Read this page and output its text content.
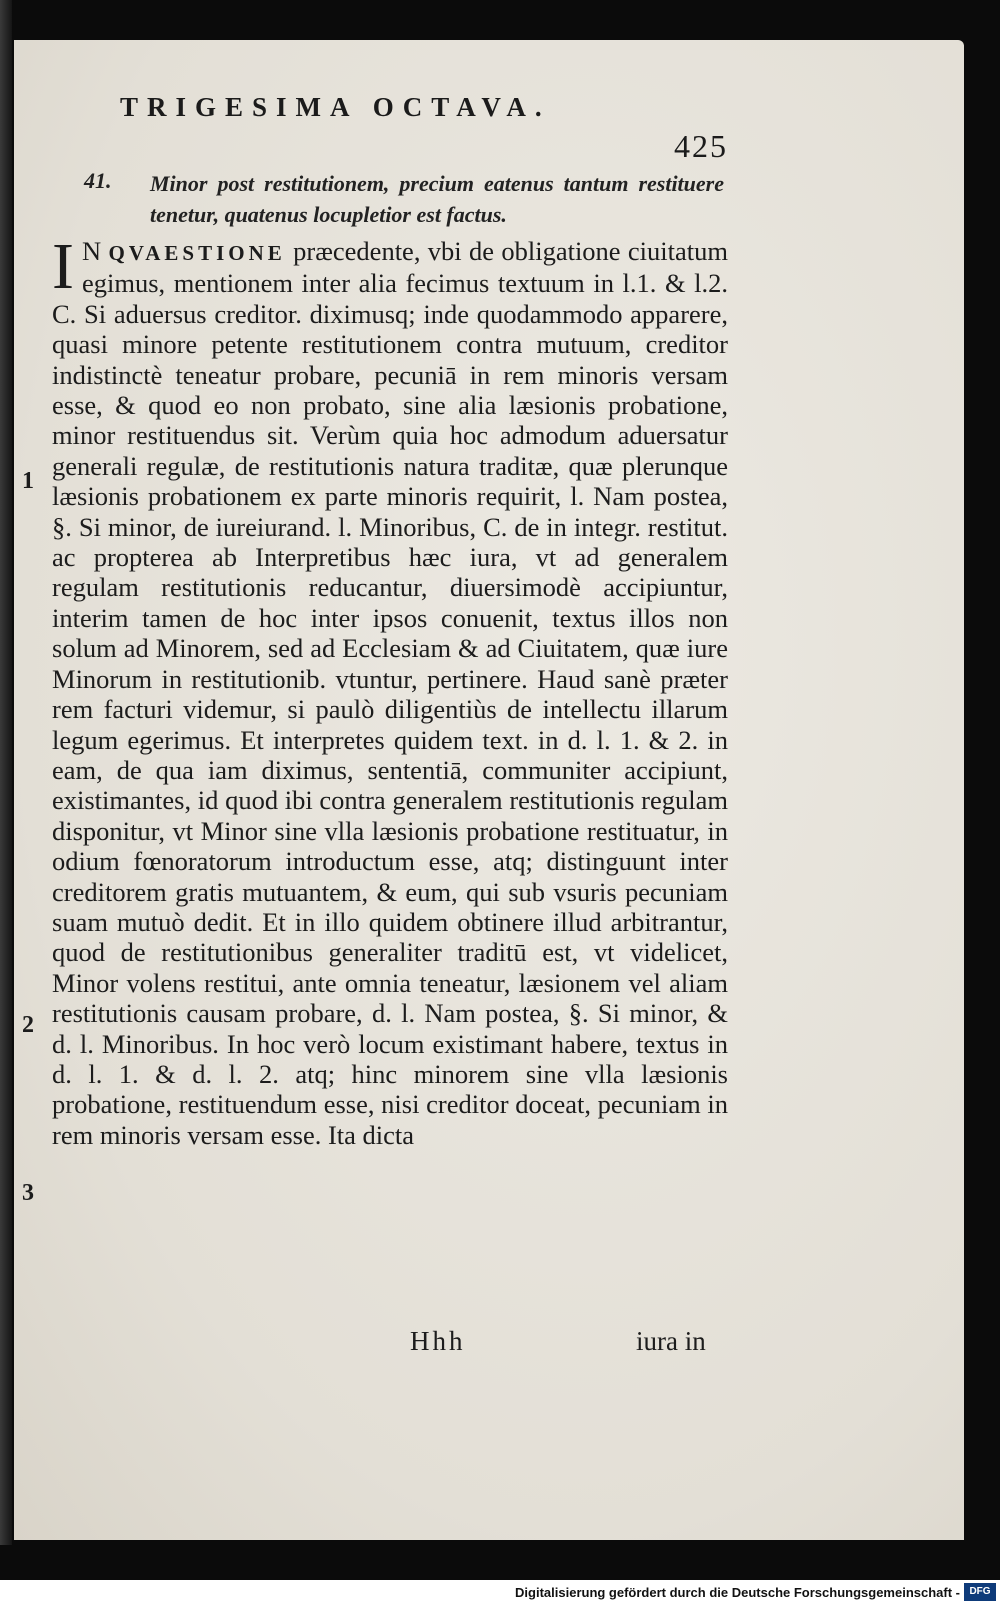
TRIGESIMA OCTAVA.
425
41. Minor post restitutionem, precium eatenus tantum restituere tenetur, quatenus locupletior est factus.
I N QVAESTIONE præcedente, vbi de obligatione ciuitatum egimus, mentionem inter alia fecimus textuum in l.1. & l.2. C. Si aduersus creditor. diximusq; inde quodammodo apparere, quasi minore petente restitutionem contra mutuum, creditor indistinctè teneatur probare, pecuniā in rem minoris versam esse, & quod eo non probato, sine alia læsionis probatione, minor restituendus sit. Verùm quia hoc admodum aduersatur generali regulæ, de restitutionis natura traditæ, quæ plerunque læsionis probationem ex parte minoris requirit, l. Nam postea, §. Si minor, de iureiurand. l. Minoribus, C. de in integr. restitut. ac propterea ab Interpretibus hæc iura, vt ad generalem regulam restitutionis reducantur, diuersimodè accipiuntur, interim tamen de hoc inter ipsos conuenit, textus illos non solum ad Minorem, sed ad Ecclesiam & ad Ciuitatem, quæ iure Minorum in restitutionib. vtuntur, pertinere. Haud sanè præter rem facturi videmur, si paulò diligentiùs de intellectu illarum legum egerimus. Et interpretes quidem text. in d. l. 1. & 2. in eam, de qua iam diximus, sententiā, communiter accipiunt, existimantes, id quod ibi contra generalem restitutionis regulam disponitur, vt Minor sine vlla læsionis probatione restituatur, in odium fœnoratorum introductum esse, atq; distinguunt inter creditorem gratis mutuantem, & eum, qui sub vsuris pecuniam suam mutuò dedit. Et in illo quidem obtinere illud arbitrantur, quod de restitutionibus generaliter traditū est, vt videlicet, Minor volens restitui, ante omnia teneatur, læsionem vel aliam restitutionis causam probare, d. l. Nam postea, §. Si minor, & d. l. Minoribus. In hoc verò locum existimant habere, textus in d. l. 1. & d. l. 2. atq; hinc minorem sine vlla læsionis probatione, restituendum esse, nisi creditor doceat, pecuniam in rem minoris versam esse. Ita dicta
1
2
3
Hhh	iura in
Digitalisierung gefördert durch die Deutsche Forschungsgemeinschaft - DFG
